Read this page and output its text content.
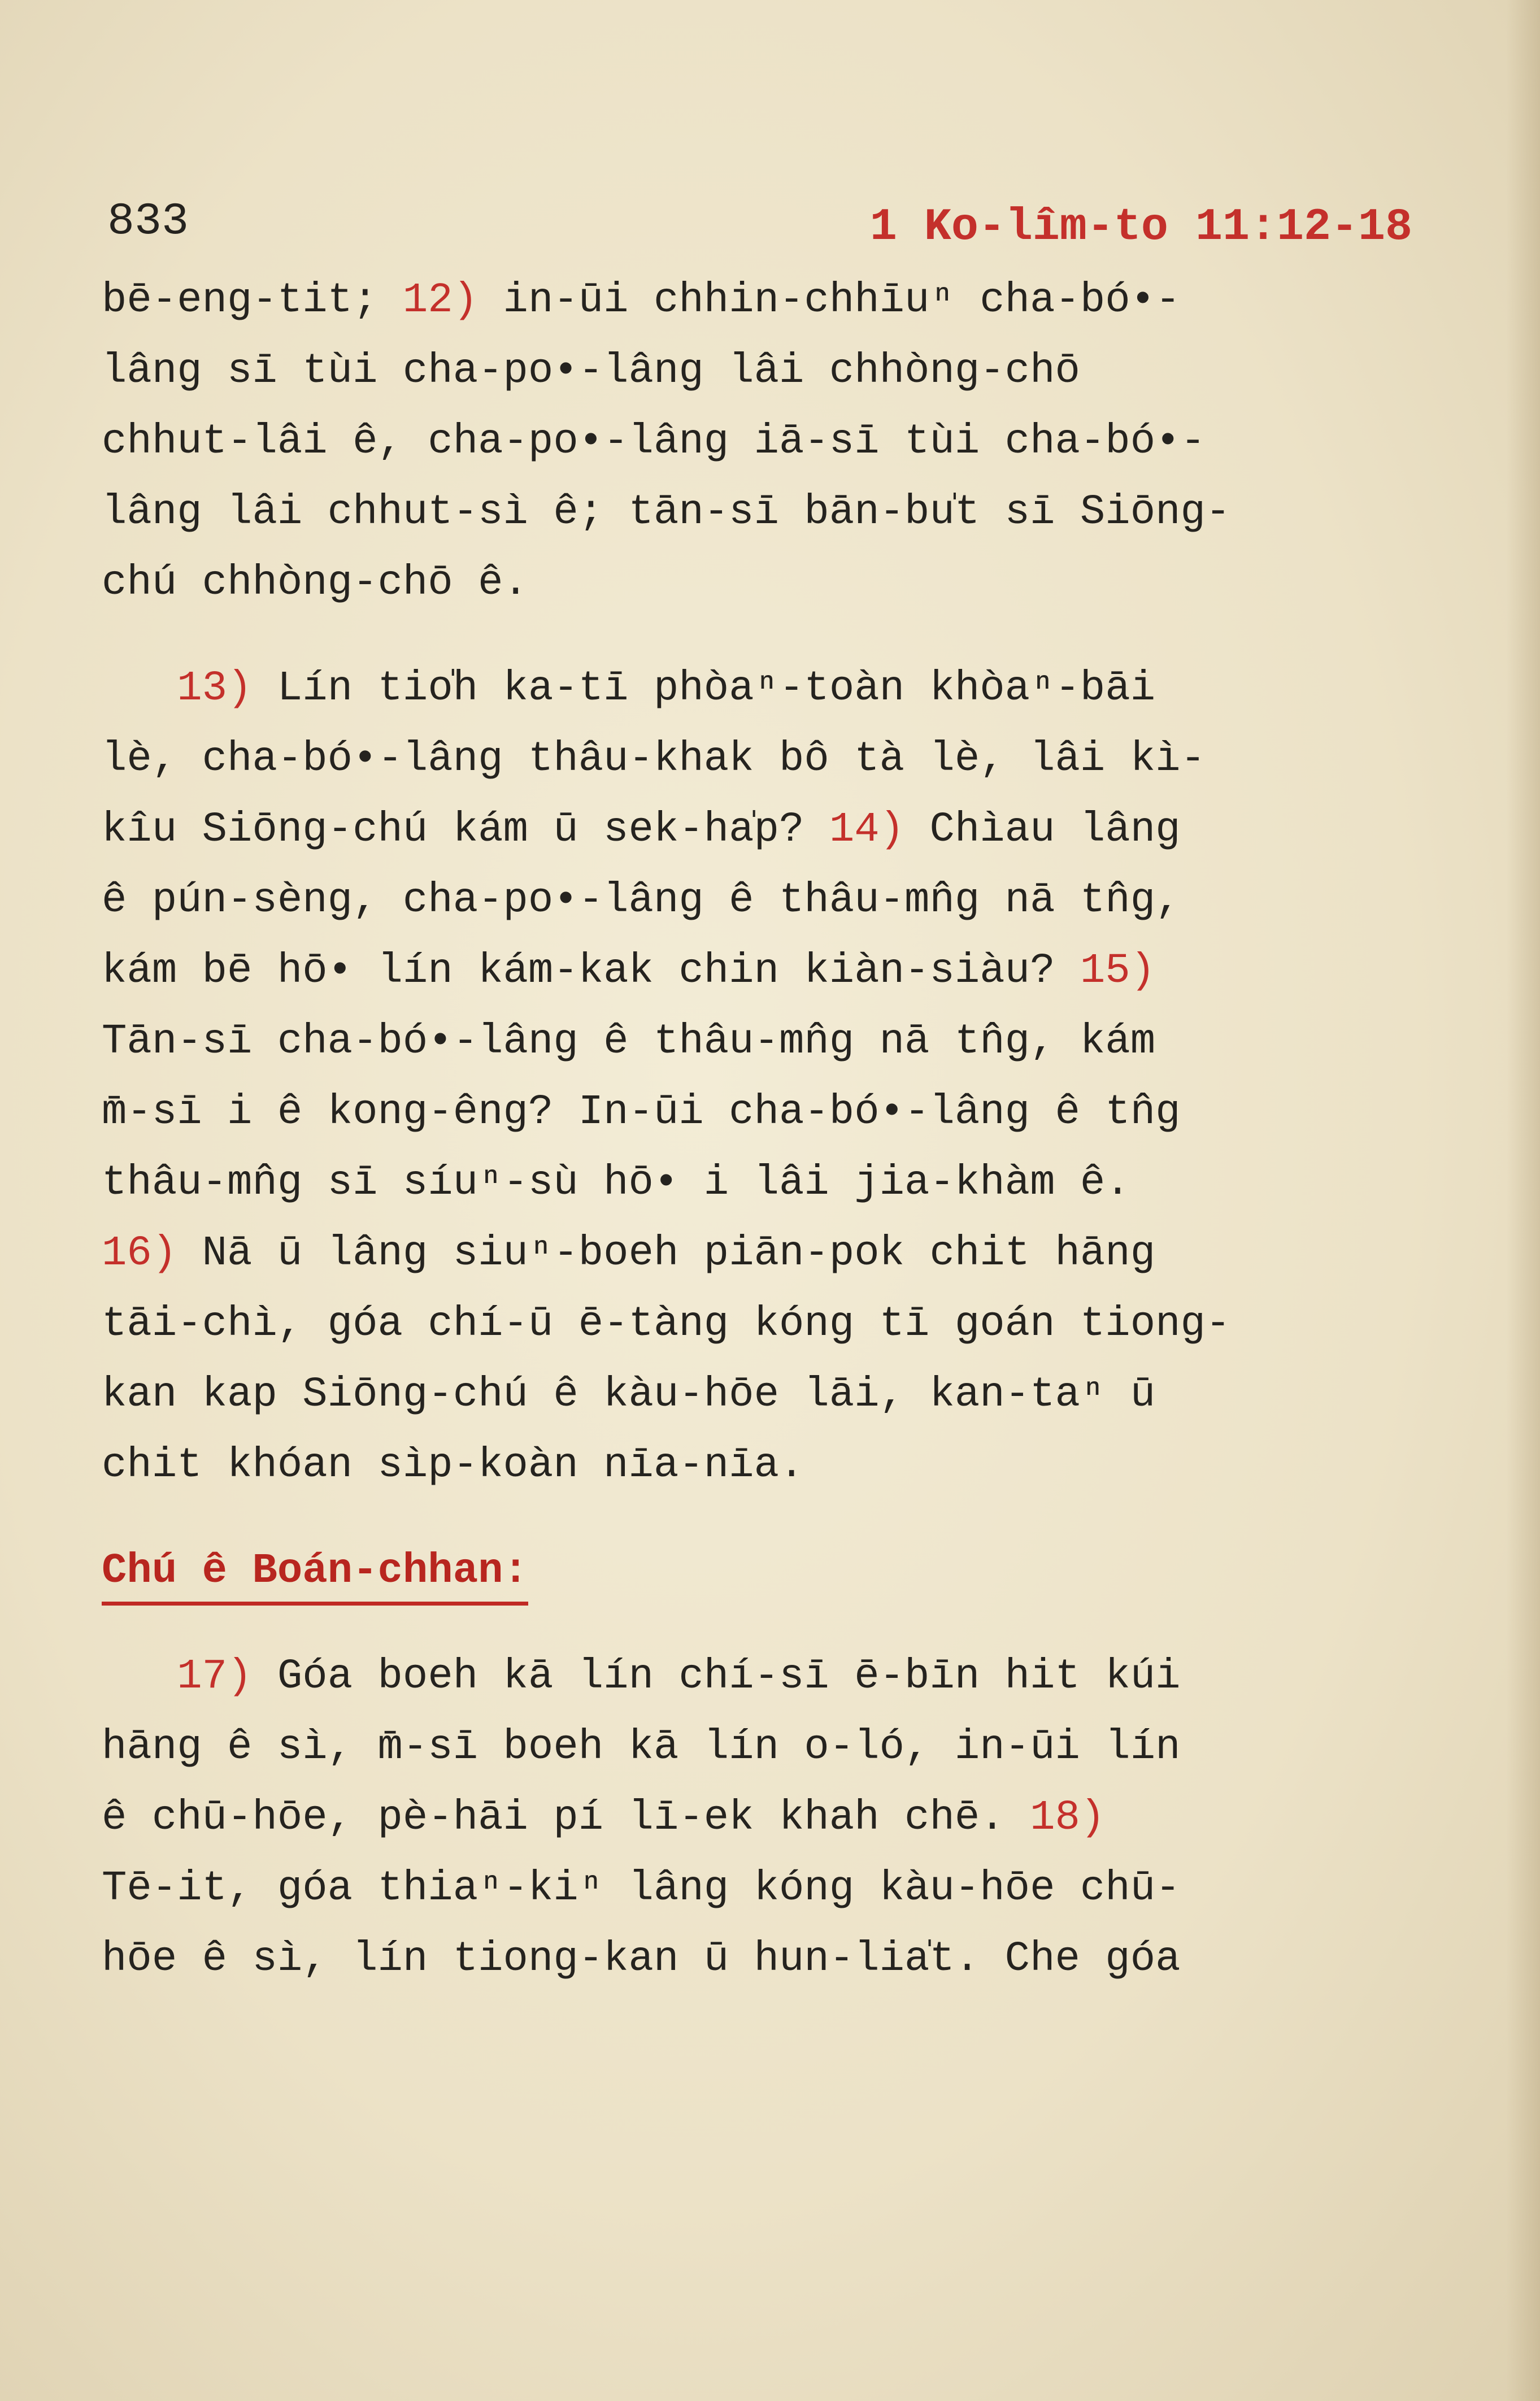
833	1 Ko-lîm-to 11:12-18
bē-eng-tit; 12) in-ūi chhin-chhīuⁿ cha-bó•-
lâng sī tùi cha-po•-lâng lâi chhòng-chō
chhut-lâi ê, cha-po•-lâng iā-sī tùi cha-bó•-
lâng lâi chhut-sì ê; tān-sī bān-bu̍t sī Siōng-
chú chhòng-chō ê.
13) Lín tio̍h ka-tī phòaⁿ-toàn khòaⁿ-bāi
lè, cha-bó•-lâng thâu-khak bô tà lè, lâi kì-
kîu Siōng-chú kám ū sek-ha̍p? 14) Chìau lâng
ê pún-sèng, cha-po•-lâng ê thâu-mn̂g nā tn̂g,
kám bē hō• lín kám-kak chin kiàn-siàu? 15)
Tān-sī cha-bó•-lâng ê thâu-mn̂g nā tn̂g, kám
m̄-sī i ê kong-êng? In-ūi cha-bó•-lâng ê tn̂g
thâu-mn̂g sī síuⁿ-sù hō• i lâi jia-khàm ê.
16) Nā ū lâng siuⁿ-boeh piān-pok chit hāng
tāi-chì, góa chí-ū ē-tàng kóng tī goán tiong-
kan kap Siōng-chú ê kàu-hōe lāi, kan-taⁿ ū
chit khóan sìp-koàn nīa-nīa.
Chú ê Boán-chhan:
17) Góa boeh kā lín chí-sī ē-bīn hit kúi
hāng ê sì, m̄-sī boeh kā lín o-ló, in-ūi lín
ê chū-hōe, pè-hāi pí lī-ek khah chē. 18)
Tē-it, góa thiaⁿ-kiⁿ lâng kóng kàu-hōe chū-
hōe ê sì, lín tiong-kan ū hun-lia̍t. Che góa
